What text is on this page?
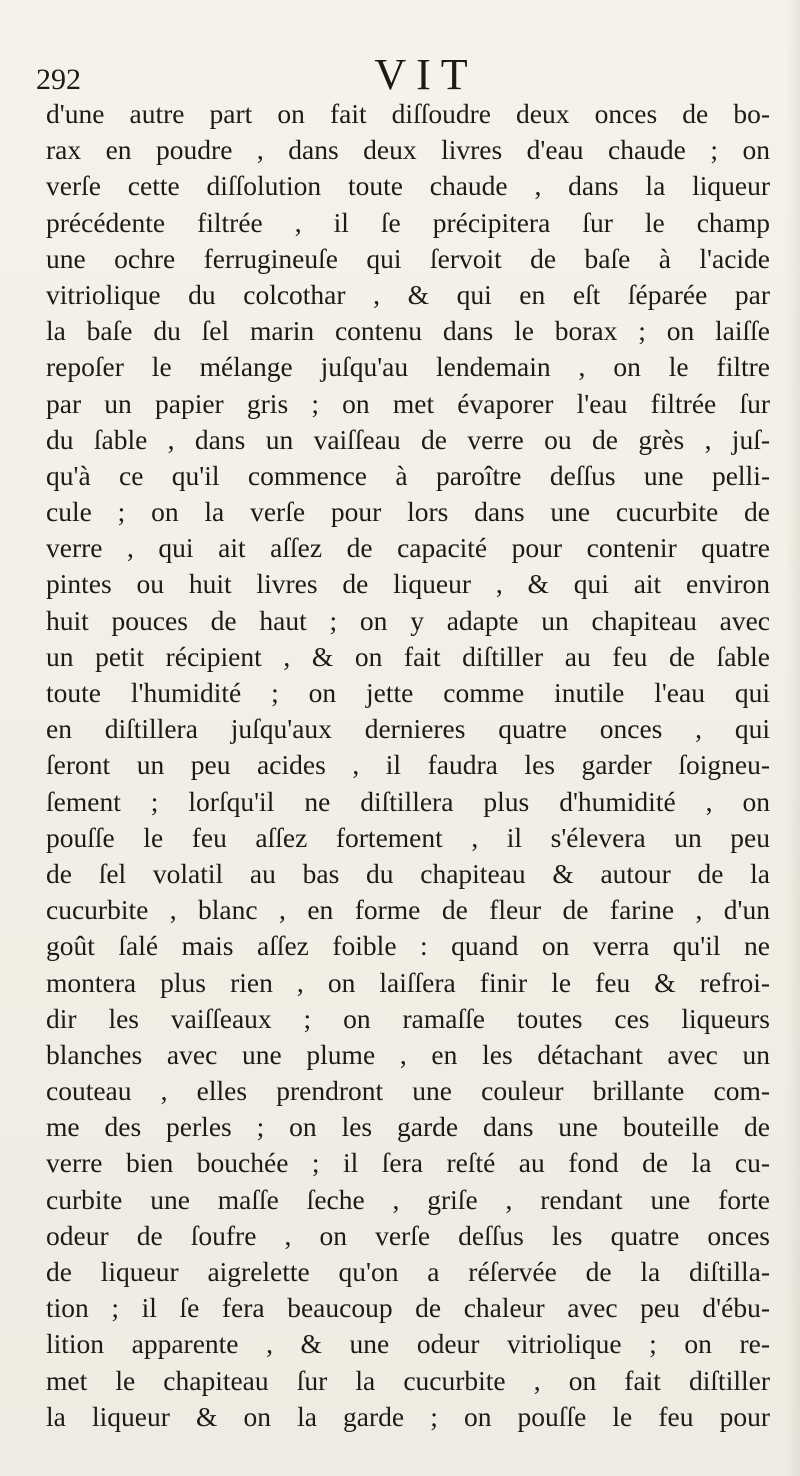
292	VIT
d'une autre part on fait diſſoudre deux onces de bo-
rax en poudre , dans deux livres d'eau chaude ; on
verſe cette diſſolution toute chaude , dans la liqueur
précédente filtrée , il ſe précipitera ſur le champ
une ochre ferrugineuſe qui ſervoit de baſe à l'acide
vitriolique du colcothar , & qui en eſt ſéparée par
la baſe du ſel marin contenu dans le borax ; on laiſſe
repoſer le mélange juſqu'au lendemain , on le filtre
par un papier gris ; on met évaporer l'eau filtrée ſur
du ſable , dans un vaiſſeau de verre ou de grès , juſ-
qu'à ce qu'il commence à paroître deſſus une pelli-
cule ; on la verſe pour lors dans une cucurbite de
verre , qui ait aſſez de capacité pour contenir quatre
pintes ou huit livres de liqueur , & qui ait environ
huit pouces de haut ; on y adapte un chapiteau avec
un petit récipient , & on fait diſtiller au feu de ſable
toute l'humidité ; on jette comme inutile l'eau qui
en diſtillera juſqu'aux dernieres quatre onces , qui
ſeront un peu acides , il faudra les garder ſoigneu-
ſement ; lorſqu'il ne diſtillera plus d'humidité , on
pouſſe le feu aſſez fortement , il s'élevera un peu
de ſel volatil au bas du chapiteau & autour de la
cucurbite , blanc , en forme de fleur de farine , d'un
goût ſalé mais aſſez foible : quand on verra qu'il ne
montera plus rien , on laiſſera finir le feu & refroi-
dir les vaiſſeaux ; on ramaſſe toutes ces liqueurs
blanches avec une plume , en les détachant avec un
couteau , elles prendront une couleur brillante com-
me des perles ; on les garde dans une bouteille de
verre bien bouchée ; il ſera reſté au fond de la cu-
curbite une maſſe ſeche , griſe , rendant une forte
odeur de ſoufre , on verſe deſſus les quatre onces
de liqueur aigrelette qu'on a réſervée de la diſtilla-
tion ; il ſe fera beaucoup de chaleur avec peu d'ébu-
lition apparente , & une odeur vitriolique ; on re-
met le chapiteau ſur la cucurbite , on fait diſtiller
la liqueur & on la garde ; on pouſſe le feu pour
